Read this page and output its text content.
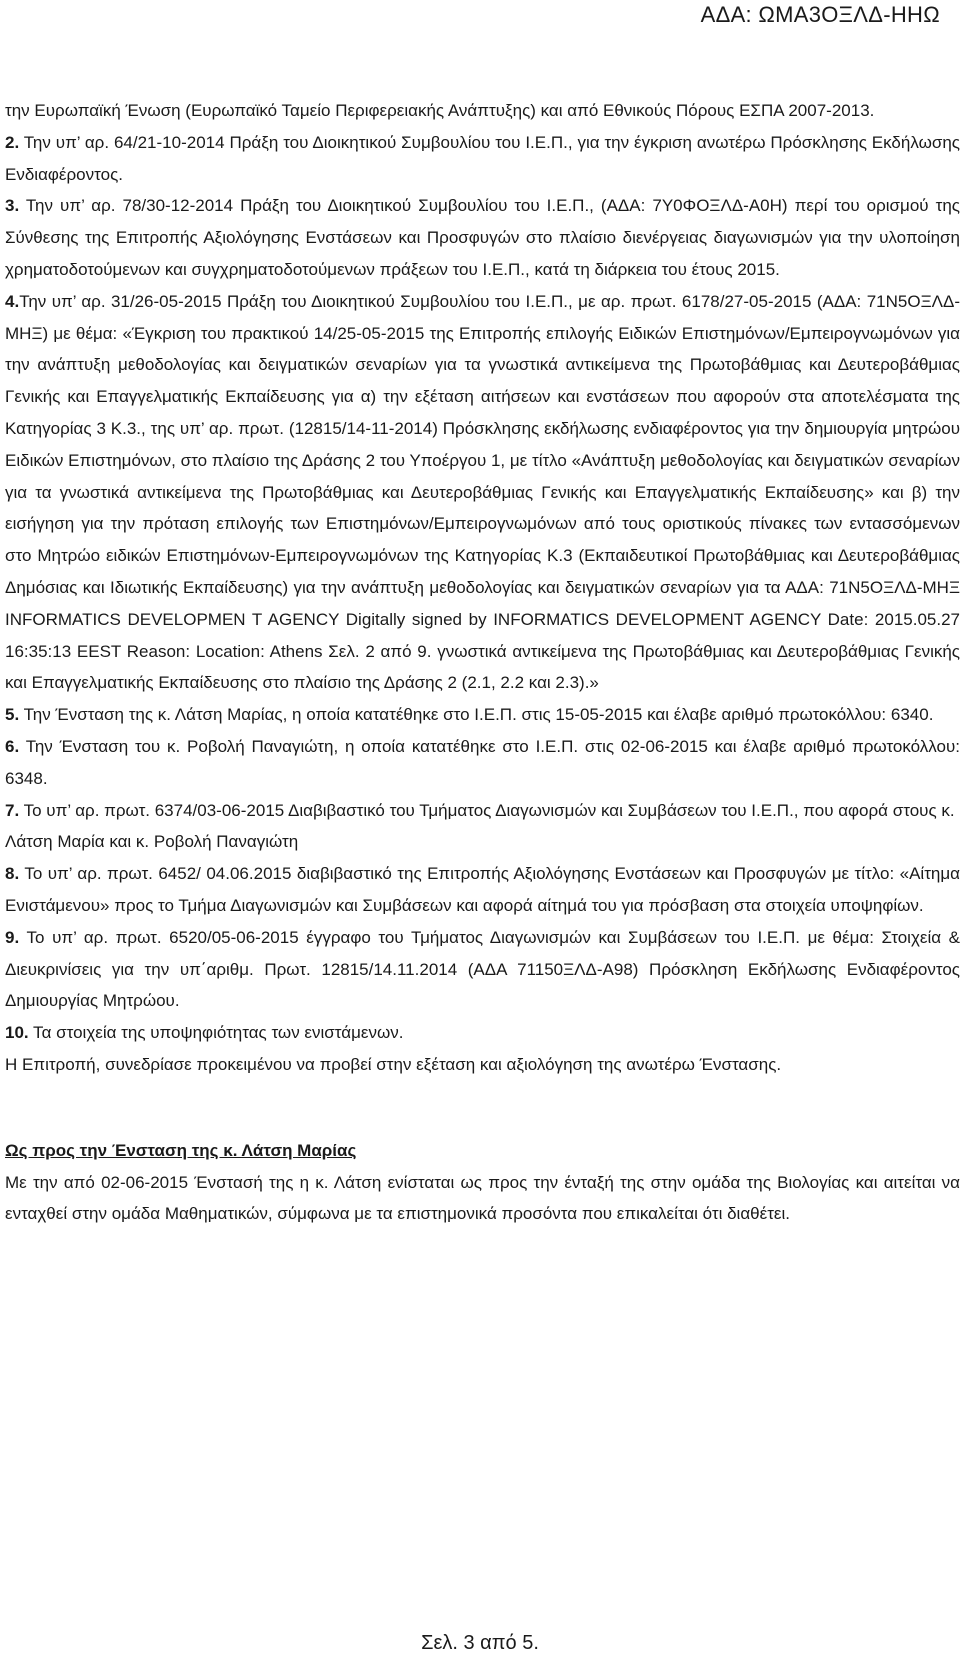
ΑΔΑ: ΩΜΑ3ΟΞΛΔ-ΗΗΩ

την Ευρωπαϊκή Ένωση (Ευρωπαϊκό Ταμείο Περιφερειακής Ανάπτυξης) και από Εθνικούς Πόρους ΕΣΠΑ 2007-2013.

2. Την υπ’ αρ. 64/21-10-2014 Πράξη του Διοικητικού Συμβουλίου του Ι.Ε.Π., για την έγκριση ανωτέρω Πρόσκλησης Εκδήλωσης Ενδιαφέροντος.

3. Την υπ’ αρ. 78/30-12-2014 Πράξη του Διοικητικού Συμβουλίου του Ι.Ε.Π., (ΑΔΑ: 7Υ0ΦΟΞΛΔ-Α0Η) περί του ορισμού της Σύνθεσης της Επιτροπής Αξιολόγησης Ενστάσεων και Προσφυγών στο πλαίσιο διενέργειας διαγωνισμών για την υλοποίηση χρηματοδοτούμενων και συγχρηματοδοτούμενων πράξεων του Ι.Ε.Π., κατά τη διάρκεια του έτους 2015.

4.Την υπ’ αρ. 31/26-05-2015 Πράξη του Διοικητικού Συμβουλίου του Ι.Ε.Π., με αρ. πρωτ. 6178/27-05-2015 (ΑΔΑ: 71Ν5ΟΞΛΔ- ΜΗΞ) με θέμα: «Έγκριση του πρακτικού 14/25-05-2015 της Επιτροπής επιλογής Ειδικών Επιστημόνων/Εμπειρογνωμόνων για την ανάπτυξη μεθοδολογίας και δειγματικών σεναρίων για τα γνωστικά αντικείμενα της Πρωτοβάθμιας και Δευτεροβάθμιας Γενικής και Επαγγελματικής Εκπαίδευσης για α) την εξέταση αιτήσεων και ενστάσεων που αφορούν στα αποτελέσματα της Κατηγορίας 3 Κ.3., της υπ’ αρ. πρωτ. (12815/14-11-2014) Πρόσκλησης εκδήλωσης ενδιαφέροντος για την δημιουργία μητρώου Ειδικών Επιστημόνων, στο πλαίσιο της Δράσης 2 του Υποέργου 1, με τίτλο «Ανάπτυξη μεθοδολογίας και δειγματικών σεναρίων για τα γνωστικά αντικείμενα της Πρωτοβάθμιας και Δευτεροβάθμιας Γενικής και Επαγγελματικής Εκπαίδευσης» και β) την εισήγηση για την πρόταση επιλογής των Επιστημόνων/Εμπειρογνωμόνων από τους οριστικούς πίνακες των εντασσόμενων στο Μητρώο ειδικών Επιστημόνων-Εμπειρογνωμόνων της Κατηγορίας Κ.3 (Εκπαιδευτικοί Πρωτοβάθμιας και Δευτεροβάθμιας Δημόσιας και Ιδιωτικής Εκπαίδευσης) για την ανάπτυξη μεθοδολογίας και δειγματικών σεναρίων για τα ΑΔΑ: 71Ν5ΟΞΛΔ-ΜΗΞ INFORMATICS DEVELOPMEN T AGENCY Digitally signed by INFORMATICS DEVELOPMENT AGENCY Date: 2015.05.27 16:35:13 EEST Reason: Location: Athens Σελ. 2 από 9. γνωστικά αντικείμενα της Πρωτοβάθμιας και Δευτεροβάθμιας Γενικής και Επαγγελματικής Εκπαίδευσης στο πλαίσιο της Δράσης 2 (2.1, 2.2 και 2.3).»

5. Την Ένσταση της κ. Λάτση Μαρίας, η οποία κατατέθηκε στο Ι.Ε.Π. στις 15-05-2015 και έλαβε αριθμό πρωτοκόλλου: 6340.

6. Την Ένσταση του κ. Ροβολή Παναγιώτη, η οποία κατατέθηκε στο Ι.Ε.Π. στις 02-06-2015 και έλαβε αριθμό πρωτοκόλλου: 6348.

7. Το υπ’ αρ. πρωτ. 6374/03-06-2015 Διαβιβαστικό του Τμήματος Διαγωνισμών και Συμβάσεων του Ι.Ε.Π., που αφορά στους κ. Λάτση Μαρία και κ. Ροβολή Παναγιώτη

8. Το υπ’ αρ. πρωτ. 6452/ 04.06.2015 διαβιβαστικό της Επιτροπής Αξιολόγησης Ενστάσεων και Προσφυγών με τίτλο: «Αίτημα Ενιστάμενου» προς το Τμήμα Διαγωνισμών και Συμβάσεων και αφορά αίτημά του για πρόσβαση στα στοιχεία υποψηφίων.

9. Το υπ’ αρ. πρωτ. 6520/05-06-2015 έγγραφο του Τμήματος Διαγωνισμών και Συμβάσεων του Ι.Ε.Π. με θέμα: Στοιχεία & Διευκρινίσεις για την υπ΄αριθμ. Πρωτ. 12815/14.11.2014 (ΑΔΑ 71150ΞΛΔ-Α98) Πρόσκληση Εκδήλωσης Ενδιαφέροντος Δημιουργίας Μητρώου.

10. Τα στοιχεία της υποψηφιότητας των ενιστάμενων.

Η Επιτροπή, συνεδρίασε προκειμένου να προβεί στην εξέταση και αξιολόγηση της ανωτέρω Ένστασης.

Ως προς την Ένσταση της κ. Λάτση Μαρίας

Με την από 02-06-2015 Ένστασή της η κ. Λάτση ενίσταται ως προς την ένταξή της στην ομάδα της Βιολογίας και αιτείται να ενταχθεί στην ομάδα Μαθηματικών, σύμφωνα με τα επιστημονικά προσόντα που επικαλείται ότι διαθέτει.

Σελ. 3 από 5.
